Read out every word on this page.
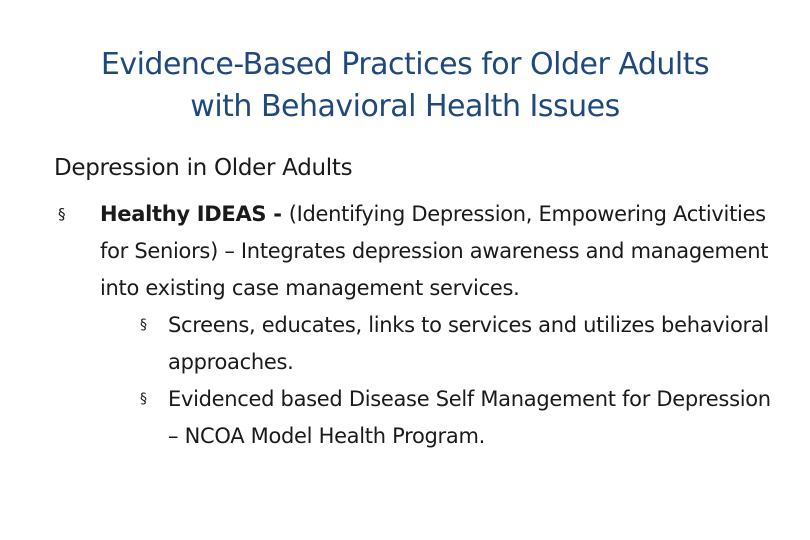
Evidence-Based Practices for Older Adults
with Behavioral Health Issues
Depression in Older Adults
§ Healthy IDEAS - (Identifying Depression, Empowering Activities for Seniors) – Integrates depression awareness and management into existing case management services.
§ Screens, educates, links to services and utilizes behavioral approaches.
§ Evidenced based Disease Self Management for Depression – NCOA Model Health Program.
